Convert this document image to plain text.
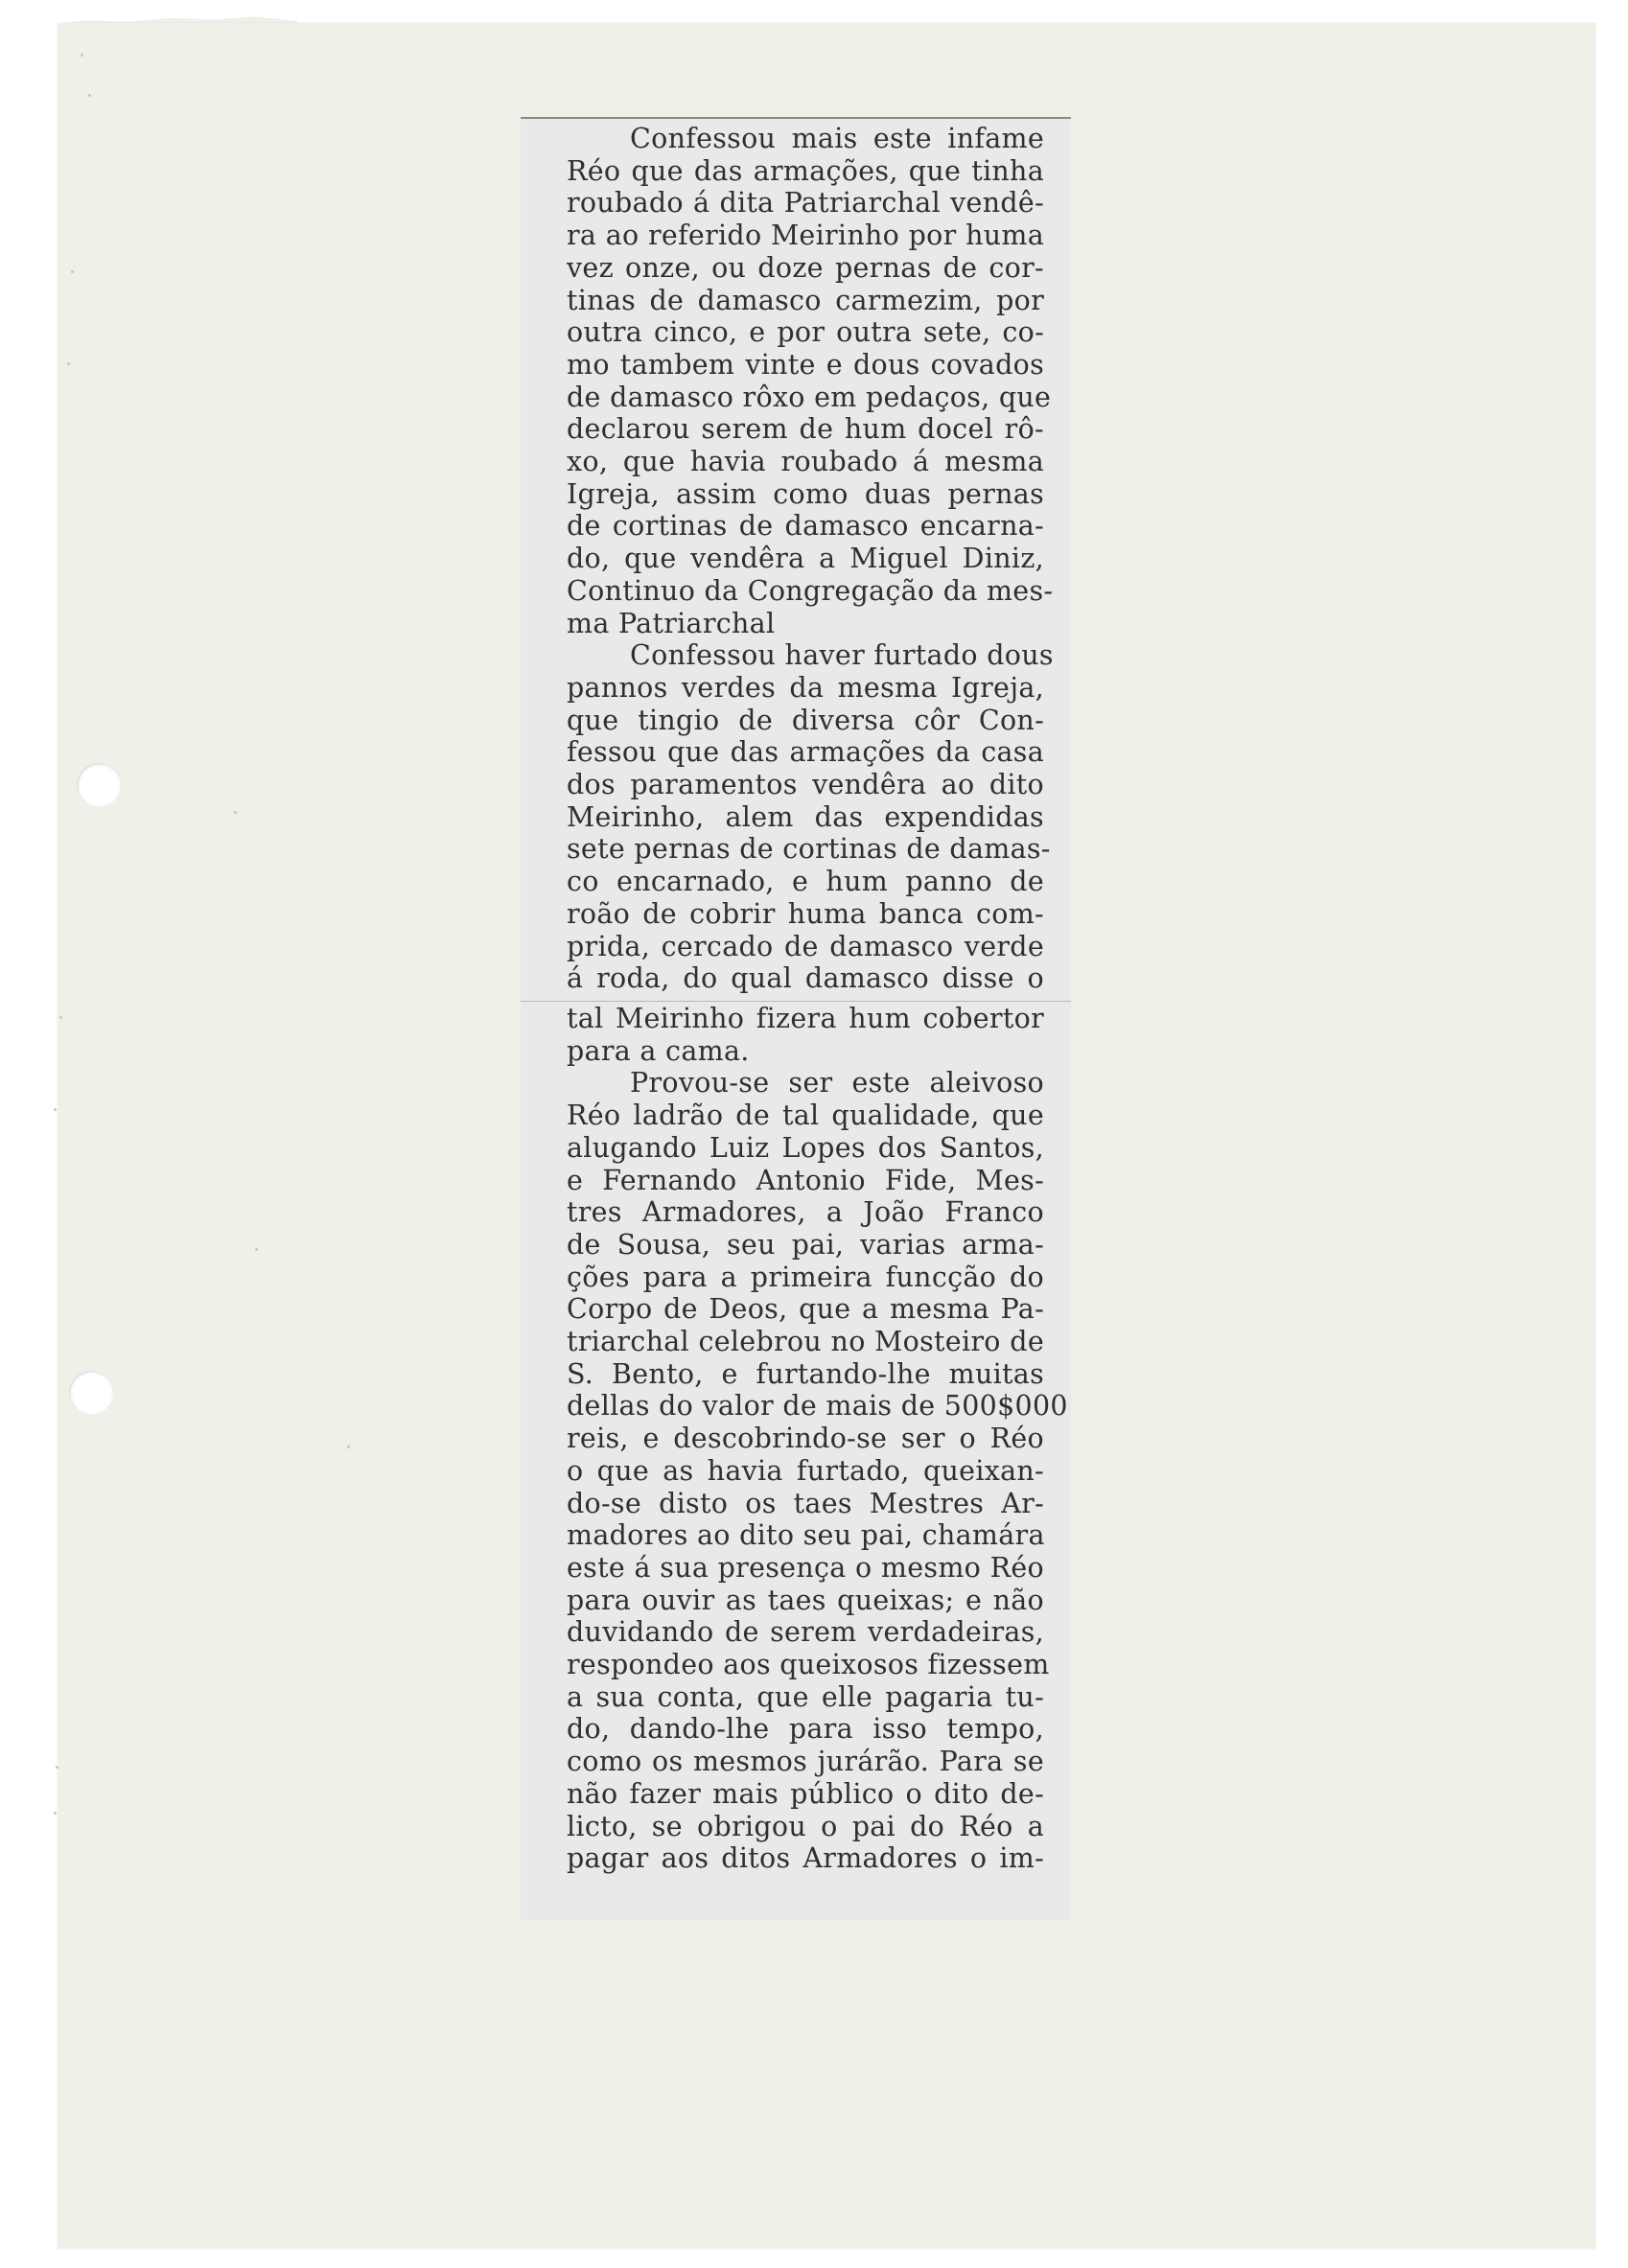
Confessou mais este infame
Réo que das armações, que tinha
roubado á dita Patriarchal vendê-
ra ao referido Meirinho por huma
vez onze, ou doze pernas de cor-
tinas de damasco carmezim, por
outra cinco, e por outra sete, co-
mo tambem vinte e dous covados
de damasco rôxo em pedaços, que
declarou serem de hum docel rô-
xo, que havia roubado á mesma
Igreja, assim como duas pernas
de cortinas de damasco encarna-
do, que vendêra a Miguel Diniz,
Continuo da Congregação da mes-
ma Patriarchal
Confessou haver furtado dous
pannos verdes da mesma Igreja,
que tingio de diversa côr Con-
fessou que das armações da casa
dos paramentos vendêra ao dito
Meirinho, alem das expendidas
sete pernas de cortinas de damas-
co encarnado, e hum panno de
roão de cobrir huma banca com-
prida, cercado de damasco verde
á roda, do qual damasco disse o
tal Meirinho fizera hum cobertor
para a cama.
Provou-se ser este aleivoso
Réo ladrão de tal qualidade, que
alugando Luiz Lopes dos Santos,
e Fernando Antonio Fide, Mes-
tres Armadores, a João Franco
de Sousa, seu pai, varias arma-
ções para a primeira funcção do
Corpo de Deos, que a mesma Pa-
triarchal celebrou no Mosteiro de
S. Bento, e furtando-lhe muitas
dellas do valor de mais de 500$000
reis, e descobrindo-se ser o Réo
o que as havia furtado, queixan-
do-se disto os taes Mestres Ar-
madores ao dito seu pai, chamára
este á sua presença o mesmo Réo
para ouvir as taes queixas; e não
duvidando de serem verdadeiras,
respondeo aos queixosos fizessem
a sua conta, que elle pagaria tu-
do, dando-lhe para isso tempo,
como os mesmos jurárão. Para se
não fazer mais público o dito de-
licto, se obrigou o pai do Réo a
pagar aos ditos Armadores o im-
